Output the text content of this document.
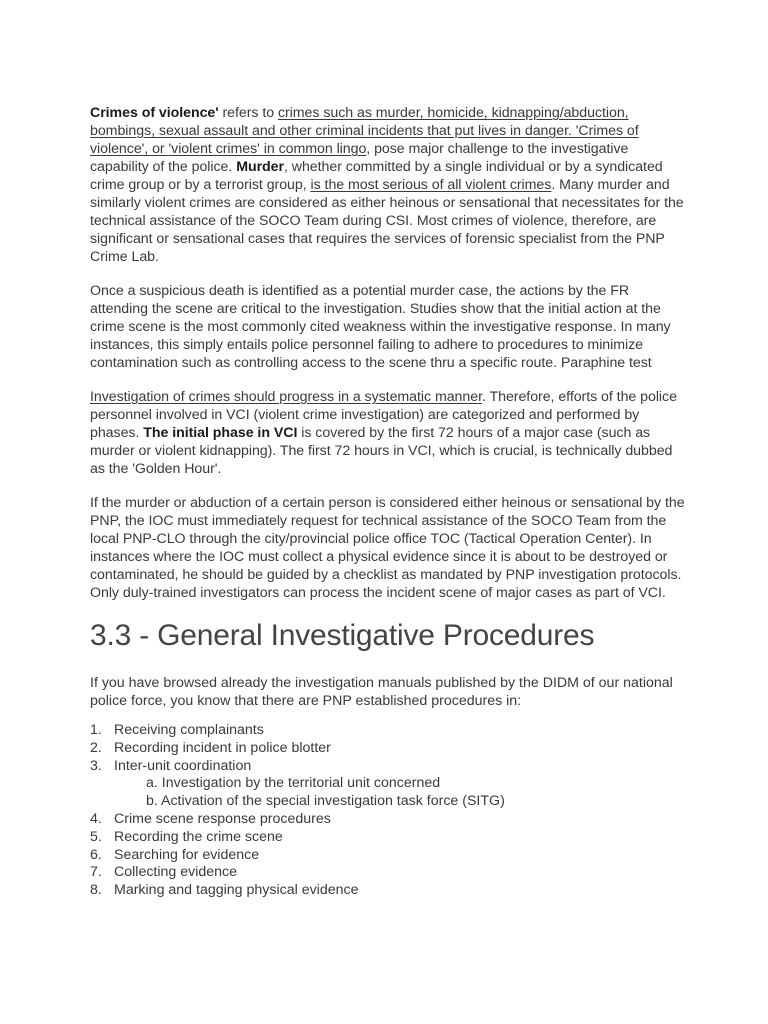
Crimes of violence' refers to crimes such as murder, homicide, kidnapping/abduction, bombings, sexual assault and other criminal incidents that put lives in danger. 'Crimes of violence', or 'violent crimes' in common lingo, pose major challenge to the investigative capability of the police. Murder, whether committed by a single individual or by a syndicated crime group or by a terrorist group, is the most serious of all violent crimes. Many murder and similarly violent crimes are considered as either heinous or sensational that necessitates for the technical assistance of the SOCO Team during CSI. Most crimes of violence, therefore, are significant or sensational cases that requires the services of forensic specialist from the PNP Crime Lab.

Once a suspicious death is identified as a potential murder case, the actions by the FR attending the scene are critical to the investigation. Studies show that the initial action at the crime scene is the most commonly cited weakness within the investigative response. In many instances, this simply entails police personnel failing to adhere to procedures to minimize contamination such as controlling access to the scene thru a specific route. Paraphine test

Investigation of crimes should progress in a systematic manner. Therefore, efforts of the police personnel involved in VCI (violent crime investigation) are categorized and performed by phases. The initial phase in VCI is covered by the first 72 hours of a major case (such as murder or violent kidnapping). The first 72 hours in VCI, which is crucial, is technically dubbed as the 'Golden Hour'.

If the murder or abduction of a certain person is considered either heinous or sensational by the PNP, the IOC must immediately request for technical assistance of the SOCO Team from the local PNP-CLO through the city/provincial police office TOC (Tactical Operation Center). In instances where the IOC must collect a physical evidence since it is about to be destroyed or contaminated, he should be guided by a checklist as mandated by PNP investigation protocols. Only duly-trained investigators can process the incident scene of major cases as part of VCI.

3.3 - General Investigative Procedures

If you have browsed already the investigation manuals published by the DIDM of our national police force, you know that there are PNP established procedures in:

1. Receiving complainants
2. Recording incident in police blotter
3. Inter-unit coordination
a. Investigation by the territorial unit concerned
b. Activation of the special investigation task force (SITG)
4. Crime scene response procedures
5. Recording the crime scene
6. Searching for evidence
7. Collecting evidence
8. Marking and tagging physical evidence
